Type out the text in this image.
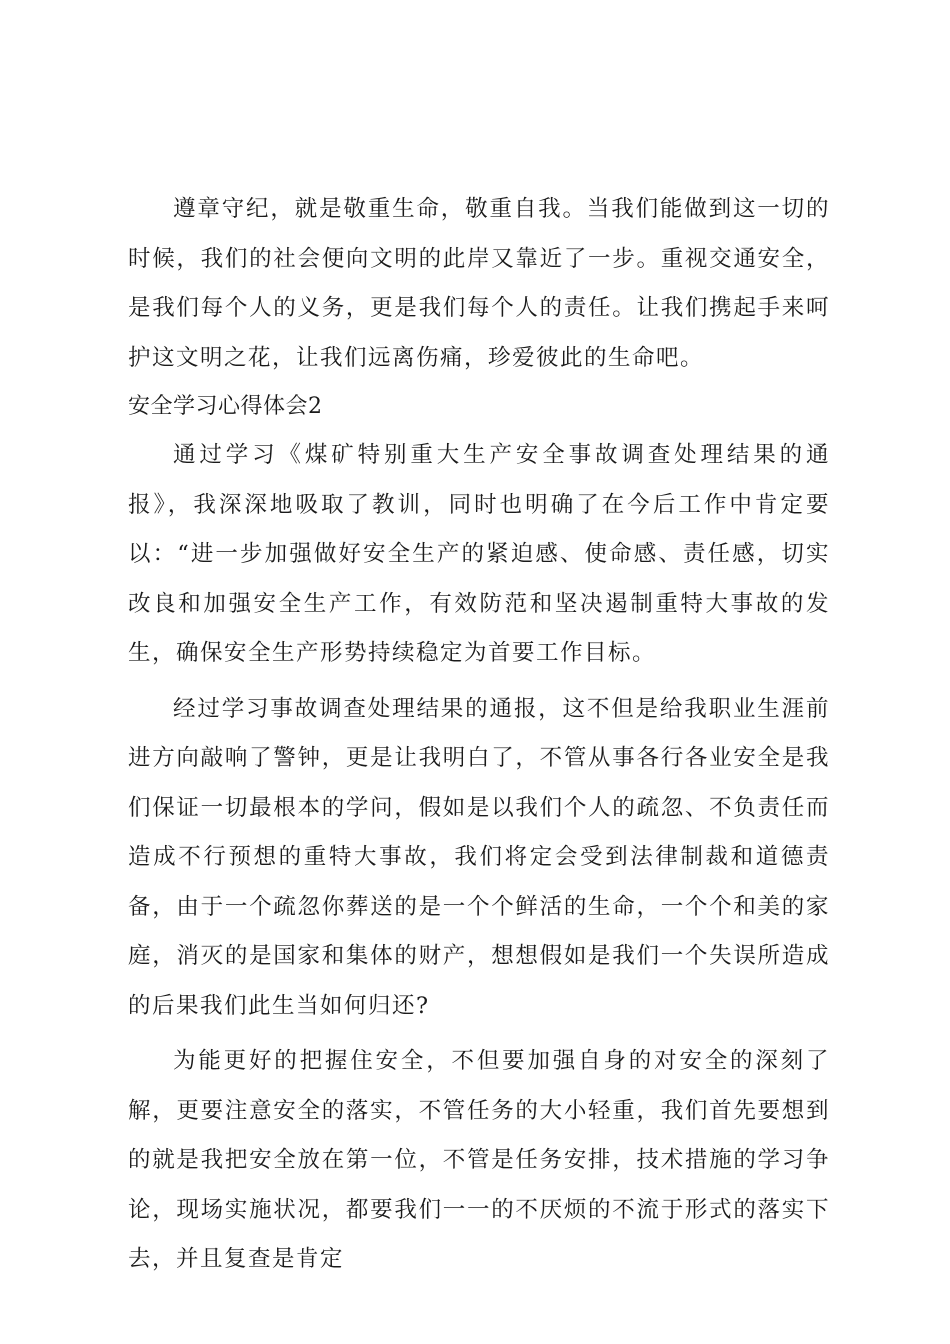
遵章守纪，就是敬重生命，敬重自我。当我们能做到这一切的时候，我们的社会便向文明的此岸又靠近了一步。重视交通安全，是我们每个人的义务，更是我们每个人的责任。让我们携起手来呵护这文明之花，让我们远离伤痛，珍爱彼此的生命吧。

安全学习心得体会2

通过学习《煤矿特别重大生产安全事故调查处理结果的通报》，我深深地吸取了教训，同时也明确了在今后工作中肯定要以：“进一步加强做好安全生产的紧迫感、使命感、责任感，切实改良和加强安全生产工作，有效防范和坚决遏制重特大事故的发生，确保安全生产形势持续稳定为首要工作目标。

经过学习事故调查处理结果的通报，这不但是给我职业生涯前进方向敲响了警钟，更是让我明白了，不管从事各行各业安全是我们保证一切最根本的学问，假如是以我们个人的疏忽、不负责任而造成不行预想的重特大事故，我们将定会受到法律制裁和道德责备，由于一个疏忽你葬送的是一个个鲜活的生命，一个个和美的家庭，消灭的是国家和集体的财产，想想假如是我们一个失误所造成的后果我们此生当如何归还?

为能更好的把握住安全，不但要加强自身的对安全的深刻了解，更要注意安全的落实，不管任务的大小轻重，我们首先要想到的就是我把安全放在第一位，不管是任务安排，技术措施的学习争论，现场实施状况，都要我们一一的不厌烦的不流于形式的落实下去，并且复查是肯定
